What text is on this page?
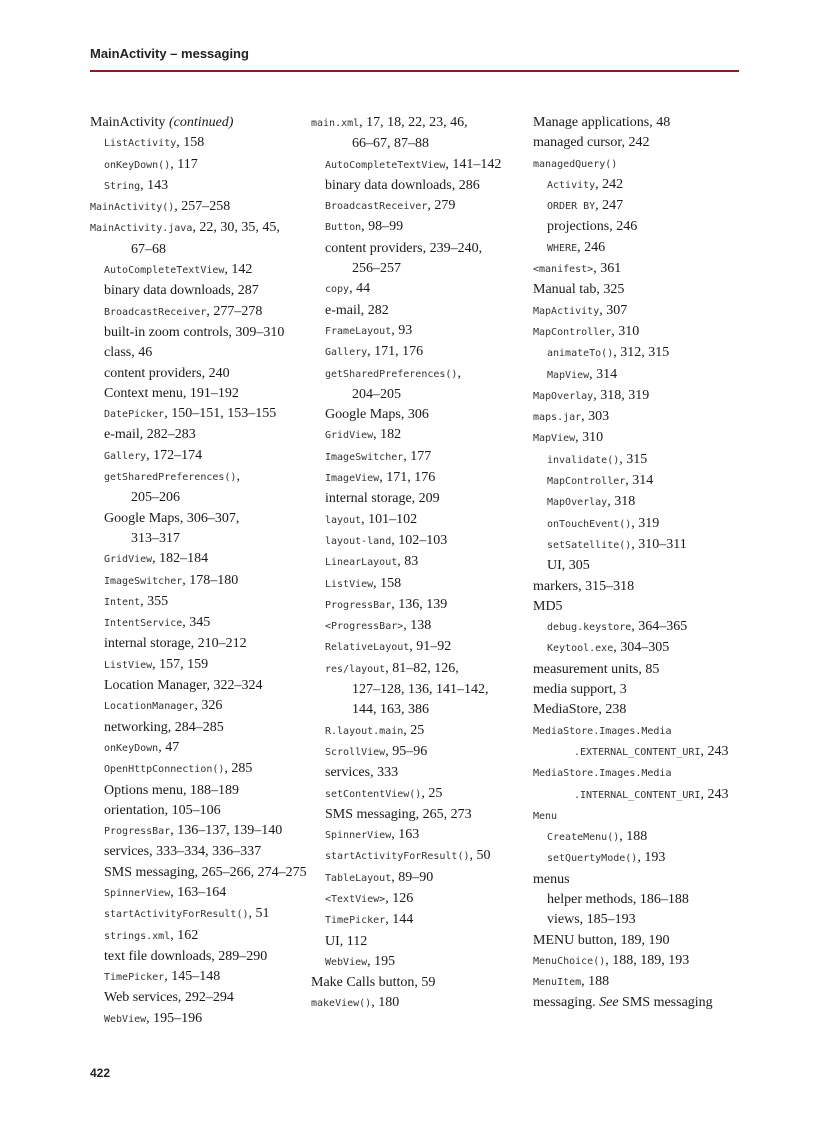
MainActivity – messaging
MainActivity (continued)
ListActivity, 158
onKeyDown(), 117
String, 143
MainActivity(), 257–258
MainActivity.java, 22, 30, 35, 45,
67–68
AutoCompleteTextView, 142
binary data downloads, 287
BroadcastReceiver, 277–278
built-in zoom controls, 309–310
class, 46
content providers, 240
Context menu, 191–192
DatePicker, 150–151, 153–155
e-mail, 282–283
Gallery, 172–174
getSharedPreferences(),
205–206
Google Maps, 306–307,
313–317
GridView, 182–184
ImageSwitcher, 178–180
Intent, 355
IntentService, 345
internal storage, 210–212
ListView, 157, 159
Location Manager, 322–324
LocationManager, 326
networking, 284–285
onKeyDown, 47
OpenHttpConnection(), 285
Options menu, 188–189
orientation, 105–106
ProgressBar, 136–137, 139–140
services, 333–334, 336–337
SMS messaging, 265–266, 274–275
SpinnerView, 163–164
startActivityForResult(), 51
strings.xml, 162
text file downloads, 289–290
TimePicker, 145–148
Web services, 292–294
WebView, 195–196
main.xml, 17, 18, 22, 23, 46,
66–67, 87–88
AutoCompleteTextView, 141–142
binary data downloads, 286
BroadcastReceiver, 279
Button, 98–99
content providers, 239–240,
256–257
copy, 44
e-mail, 282
FrameLayout, 93
Gallery, 171, 176
getSharedPreferences(),
204–205
Google Maps, 306
GridView, 182
ImageSwitcher, 177
ImageView, 171, 176
internal storage, 209
layout, 101–102
layout-land, 102–103
LinearLayout, 83
ListView, 158
ProgressBar, 136, 139
<ProgressBar>, 138
RelativeLayout, 91–92
res/layout, 81–82, 126,
127–128, 136, 141–142,
144, 163, 386
R.layout.main, 25
ScrollView, 95–96
services, 333
setContentView(), 25
SMS messaging, 265, 273
SpinnerView, 163
startActivityForResult(), 50
TableLayout, 89–90
<TextView>, 126
TimePicker, 144
UI, 112
WebView, 195
Make Calls button, 59
makeView(), 180
Manage applications, 48
managed cursor, 242
managedQuery()
Activity, 242
ORDER BY, 247
projections, 246
WHERE, 246
<manifest>, 361
Manual tab, 325
MapActivity, 307
MapController, 310
animateTo(), 312, 315
MapView, 314
MapOverlay, 318, 319
maps.jar, 303
MapView, 310
invalidate(), 315
MapController, 314
MapOverlay, 318
onTouchEvent(), 319
setSatellite(), 310–311
UI, 305
markers, 315–318
MD5
debug.keystore, 364–365
Keytool.exe, 304–305
measurement units, 85
media support, 3
MediaStore, 238
MediaStore.Images.Media
.EXTERNAL_CONTENT_URI, 243
MediaStore.Images.Media
.INTERNAL_CONTENT_URI, 243
Menu
CreateMenu(), 188
setQuertyMode(), 193
menus
helper methods, 186–188
views, 185–193
MENU button, 189, 190
MenuChoice(), 188, 189, 193
MenuItem, 188
messaging. See SMS messaging
422
